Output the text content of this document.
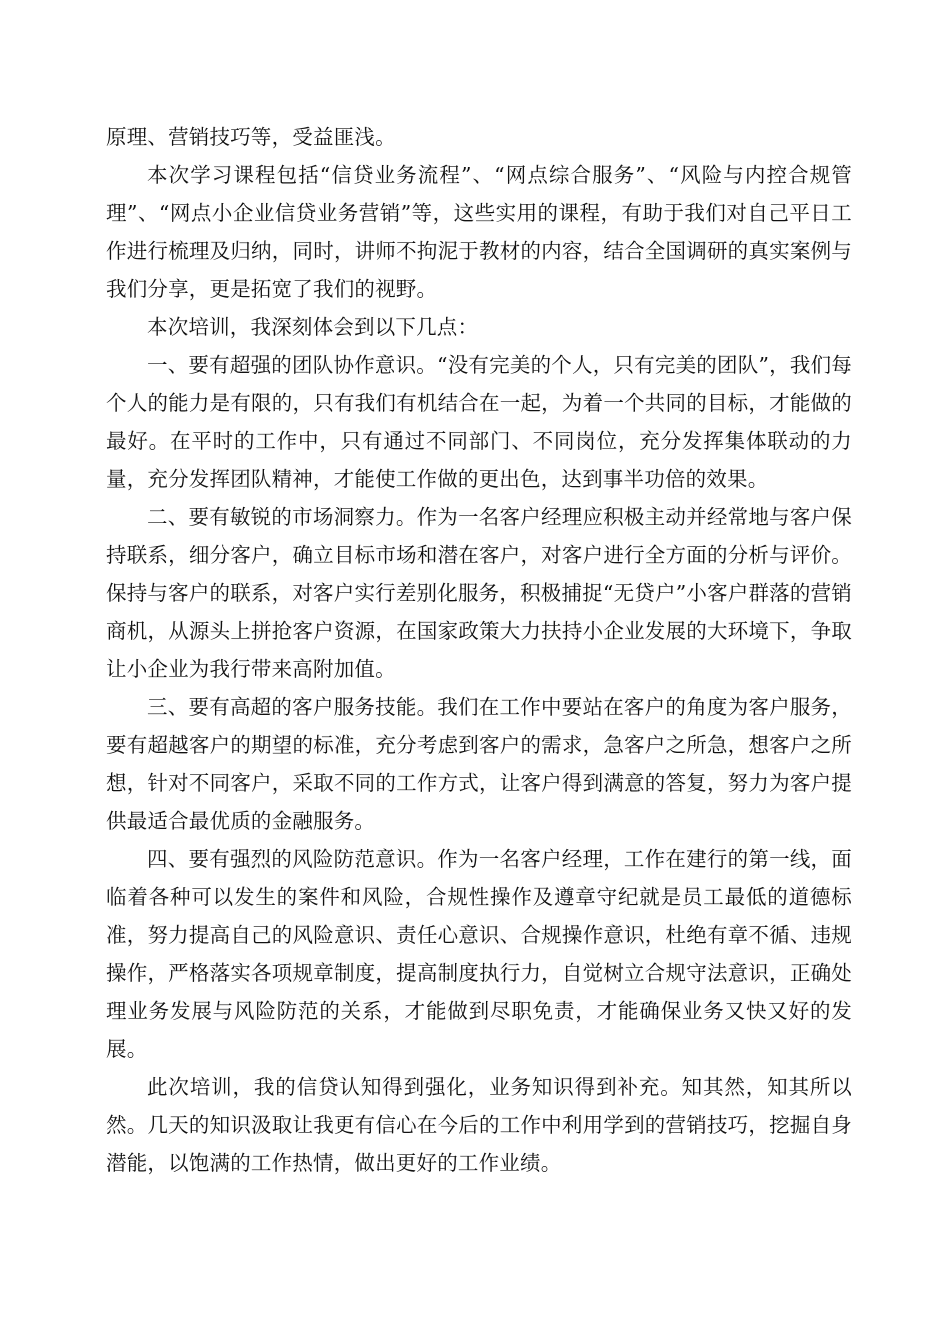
原理、营销技巧等，受益匪浅。

本次学习课程包括“信贷业务流程”、“网点综合服务”、“风险与内控合规管理”、“网点小企业信贷业务营销”等，这些实用的课程，有助于我们对自己平日工作进行梳理及归纳，同时，讲师不拘泥于教材的内容，结合全国调研的真实案例与我们分享，更是拓宽了我们的视野。

本次培训，我深刻体会到以下几点：

一、要有超强的团队协作意识。“没有完美的个人，只有完美的团队”，我们每个人的能力是有限的，只有我们有机结合在一起，为着一个共同的目标，才能做的最好。在平时的工作中，只有通过不同部门、不同岗位，充分发挥集体联动的力量，充分发挥团队精神，才能使工作做的更出色，达到事半功倍的效果。

二、要有敏锐的市场洞察力。作为一名客户经理应积极主动并经常地与客户保持联系，细分客户，确立目标市场和潜在客户，对客户进行全方面的分析与评价。保持与客户的联系，对客户实行差别化服务，积极捕捉“无贷户”小客户群落的营销商机，从源头上拼抢客户资源，在国家政策大力扶持小企业发展的大环境下，争取让小企业为我行带来高附加值。

三、要有高超的客户服务技能。我们在工作中要站在客户的角度为客户服务，要有超越客户的期望的标准，充分考虑到客户的需求，急客户之所急，想客户之所想，针对不同客户，采取不同的工作方式，让客户得到满意的答复，努力为客户提供最适合最优质的金融服务。

四、要有强烈的风险防范意识。作为一名客户经理，工作在建行的第一线，面临着各种可以发生的案件和风险，合规性操作及遵章守纪就是员工最低的道德标准，努力提高自己的风险意识、责任心意识、合规操作意识，杜绝有章不循、违规操作，严格落实各项规章制度，提高制度执行力，自觉树立合规守法意识，正确处理业务发展与风险防范的关系，才能做到尽职免责，才能确保业务又快又好的发展。

此次培训，我的信贷认知得到强化，业务知识得到补充。知其然，知其所以然。几天的知识汲取让我更有信心在今后的工作中利用学到的营销技巧，挖掘自身潜能，以饱满的工作热情，做出更好的工作业绩。
